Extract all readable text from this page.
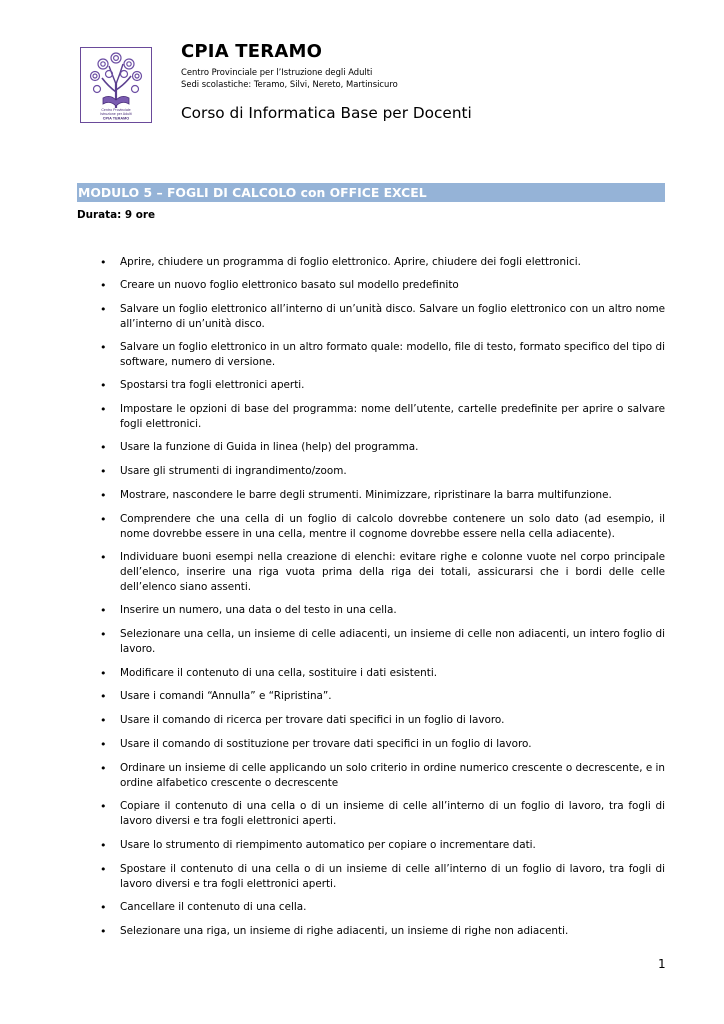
Centro Provinciale
Istruzione per Adulti
CPIA TERAMO
CPIA TERAMO

Centro Provinciale per l’Istruzione degli Adulti

Sedi scolastiche: Teramo, Silvi, Nereto, Martinsicuro

Corso di Informatica Base per Docenti

MODULO 5 – FOGLI DI CALCOLO con OFFICE EXCEL
Durata: 9 ore
• Aprire, chiudere un programma di foglio elettronico. Aprire, chiudere dei fogli elettronici.
• Creare un nuovo foglio elettronico basato sul modello predefinito
• Salvare un foglio elettronico all’interno di un’unità disco. Salvare un foglio elettronico con un altro nome all’interno di un’unità disco.
• Salvare un foglio elettronico in un altro formato quale: modello, file di testo, formato specifico del tipo di software, numero di versione.
• Spostarsi tra fogli elettronici aperti.
• Impostare le opzioni di base del programma: nome dell’utente, cartelle predefinite per aprire o salvare fogli elettronici.
• Usare la funzione di Guida in linea (help) del programma.
• Usare gli strumenti di ingrandimento/zoom.
• Mostrare, nascondere le barre degli strumenti. Minimizzare, ripristinare la barra multifunzione.
• Comprendere che una cella di un foglio di calcolo dovrebbe contenere un solo dato (ad esempio, il nome dovrebbe essere in una cella, mentre il cognome dovrebbe essere nella cella adiacente).
• Individuare buoni esempi nella creazione di elenchi: evitare righe e colonne vuote nel corpo principale dell’elenco, inserire una riga vuota prima della riga dei totali, assicurarsi che i bordi delle celle dell’elenco siano assenti.
• Inserire un numero, una data o del testo in una cella.
• Selezionare una cella, un insieme di celle adiacenti, un insieme di celle non adiacenti, un intero foglio di lavoro.
• Modificare il contenuto di una cella, sostituire i dati esistenti.
• Usare i comandi “Annulla” e “Ripristina”.
• Usare il comando di ricerca per trovare dati specifici in un foglio di lavoro.
• Usare il comando di sostituzione per trovare dati specifici in un foglio di lavoro.
• Ordinare un insieme di celle applicando un solo criterio in ordine numerico crescente o decrescente, e in ordine alfabetico crescente o decrescente
• Copiare il contenuto di una cella o di un insieme di celle all’interno di un foglio di lavoro, tra fogli di lavoro diversi e tra fogli elettronici aperti.
• Usare lo strumento di riempimento automatico per copiare o incrementare dati.
• Spostare il contenuto di una cella o di un insieme di celle all’interno di un foglio di lavoro, tra fogli di lavoro diversi e tra fogli elettronici aperti.
• Cancellare il contenuto di una cella.
• Selezionare una riga, un insieme di righe adiacenti, un insieme di righe non adiacenti.
1
